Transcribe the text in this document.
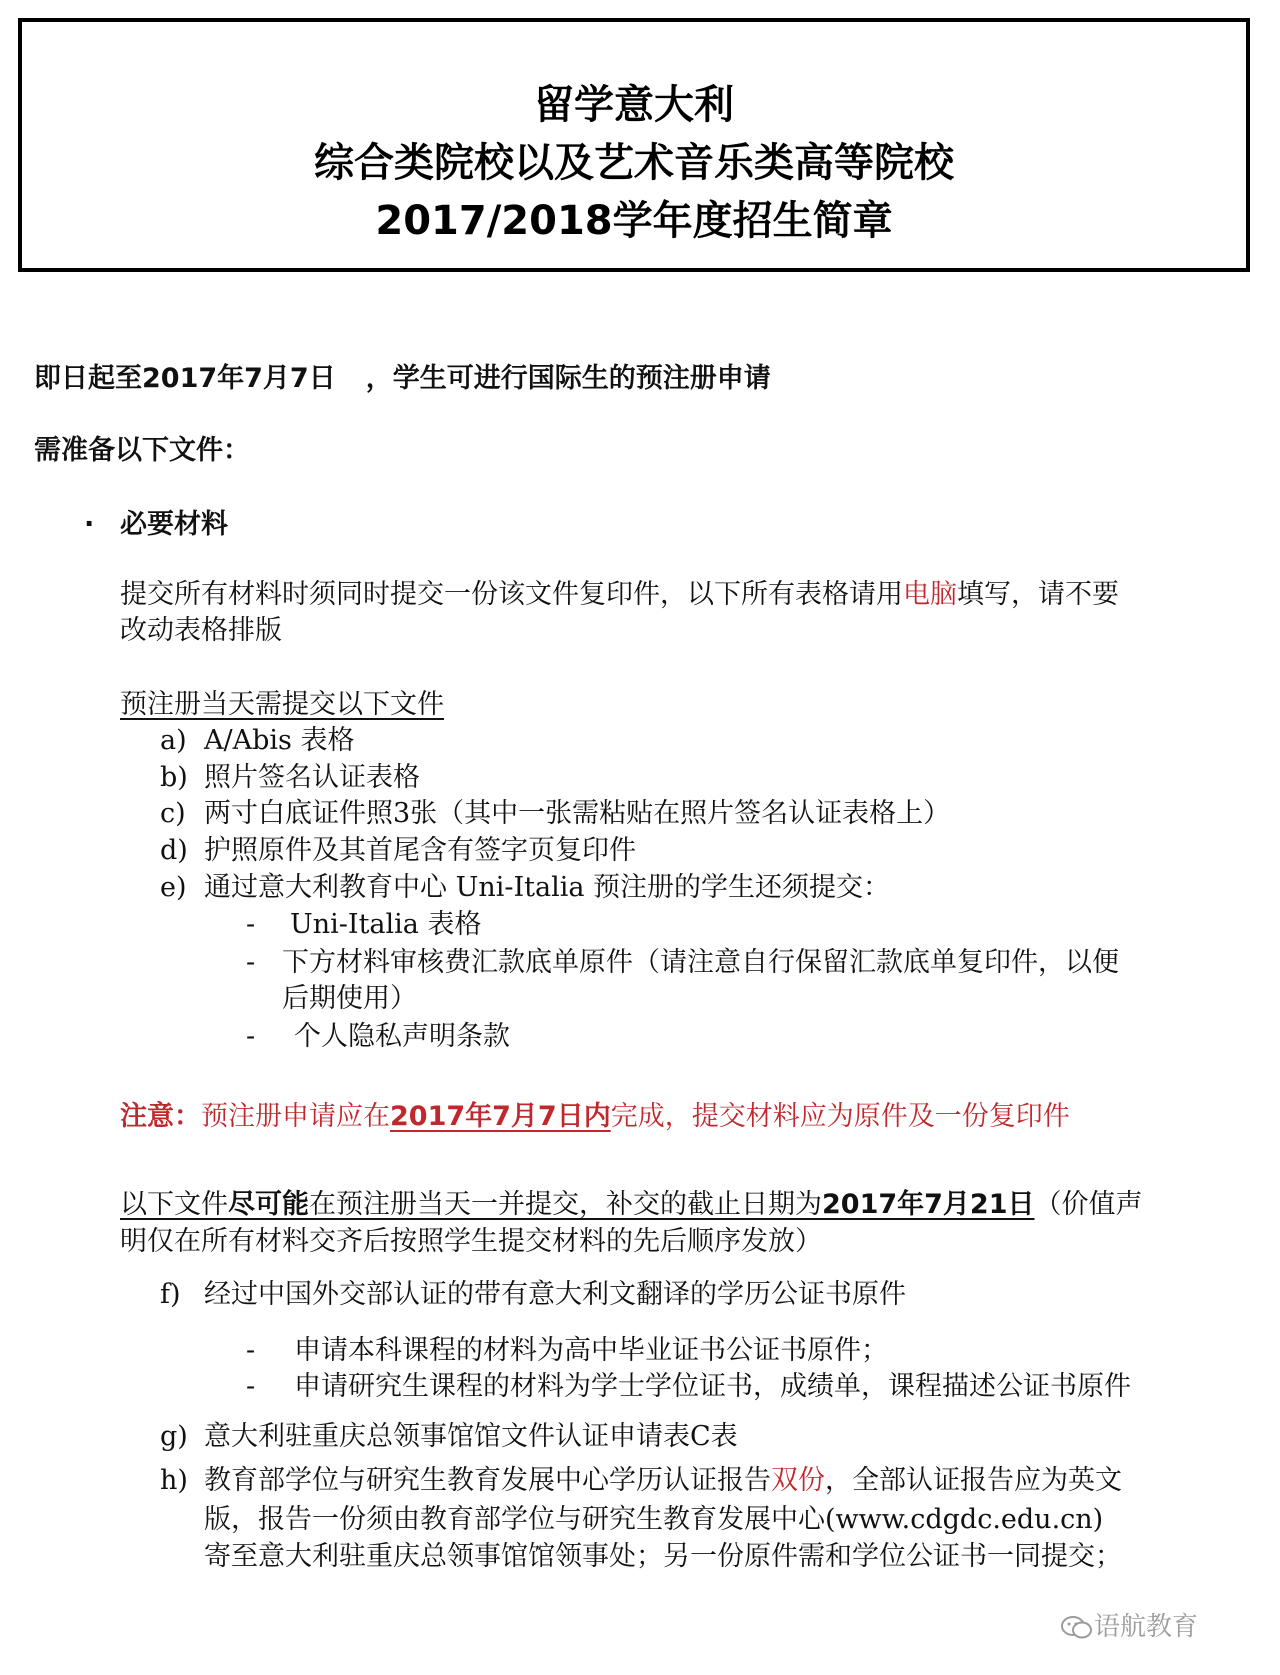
留学意大利
综合类院校以及艺术音乐类高等院校
2017/2018学年度招生简章
即日起至2017年7月7日 ，学生可进行国际生的预注册申请
需准备以下文件：
· 必要材料
提交所有材料时须同时提交一份该文件复印件，以下所有表格请用电脑填写，请不要
改动表格排版
预注册当天需提交以下文件
a) A/Abis 表格
b) 照片签名认证表格
c) 两寸白底证件照3张（其中一张需粘贴在照片签名认证表格上）
d) 护照原件及其首尾含有签字页复印件
e) 通过意大利教育中心 Uni-Italia 预注册的学生还须提交：
- Uni-Italia 表格
- 下方材料审核费汇款底单原件（请注意自行保留汇款底单复印件，以便
后期使用）
- 个人隐私声明条款
注意：预注册申请应在2017年7月7日内完成，提交材料应为原件及一份复印件
以下文件尽可能在预注册当天一并提交，补交的截止日期为2017年7月21日（价值声
明仅在所有材料交齐后按照学生提交材料的先后顺序发放）
f) 经过中国外交部认证的带有意大利文翻译的学历公证书原件
- 申请本科课程的材料为高中毕业证书公证书原件；
- 申请研究生课程的材料为学士学位证书，成绩单，课程描述公证书原件
g) 意大利驻重庆总领事馆馆文件认证申请表C表
h) 教育部学位与研究生教育发展中心学历认证报告双份，全部认证报告应为英文
版，报告一份须由教育部学位与研究生教育发展中心(www.cdgdc.edu.cn)
寄至意大利驻重庆总领事馆馆领事处；另一份原件需和学位公证书一同提交；
语航教育
